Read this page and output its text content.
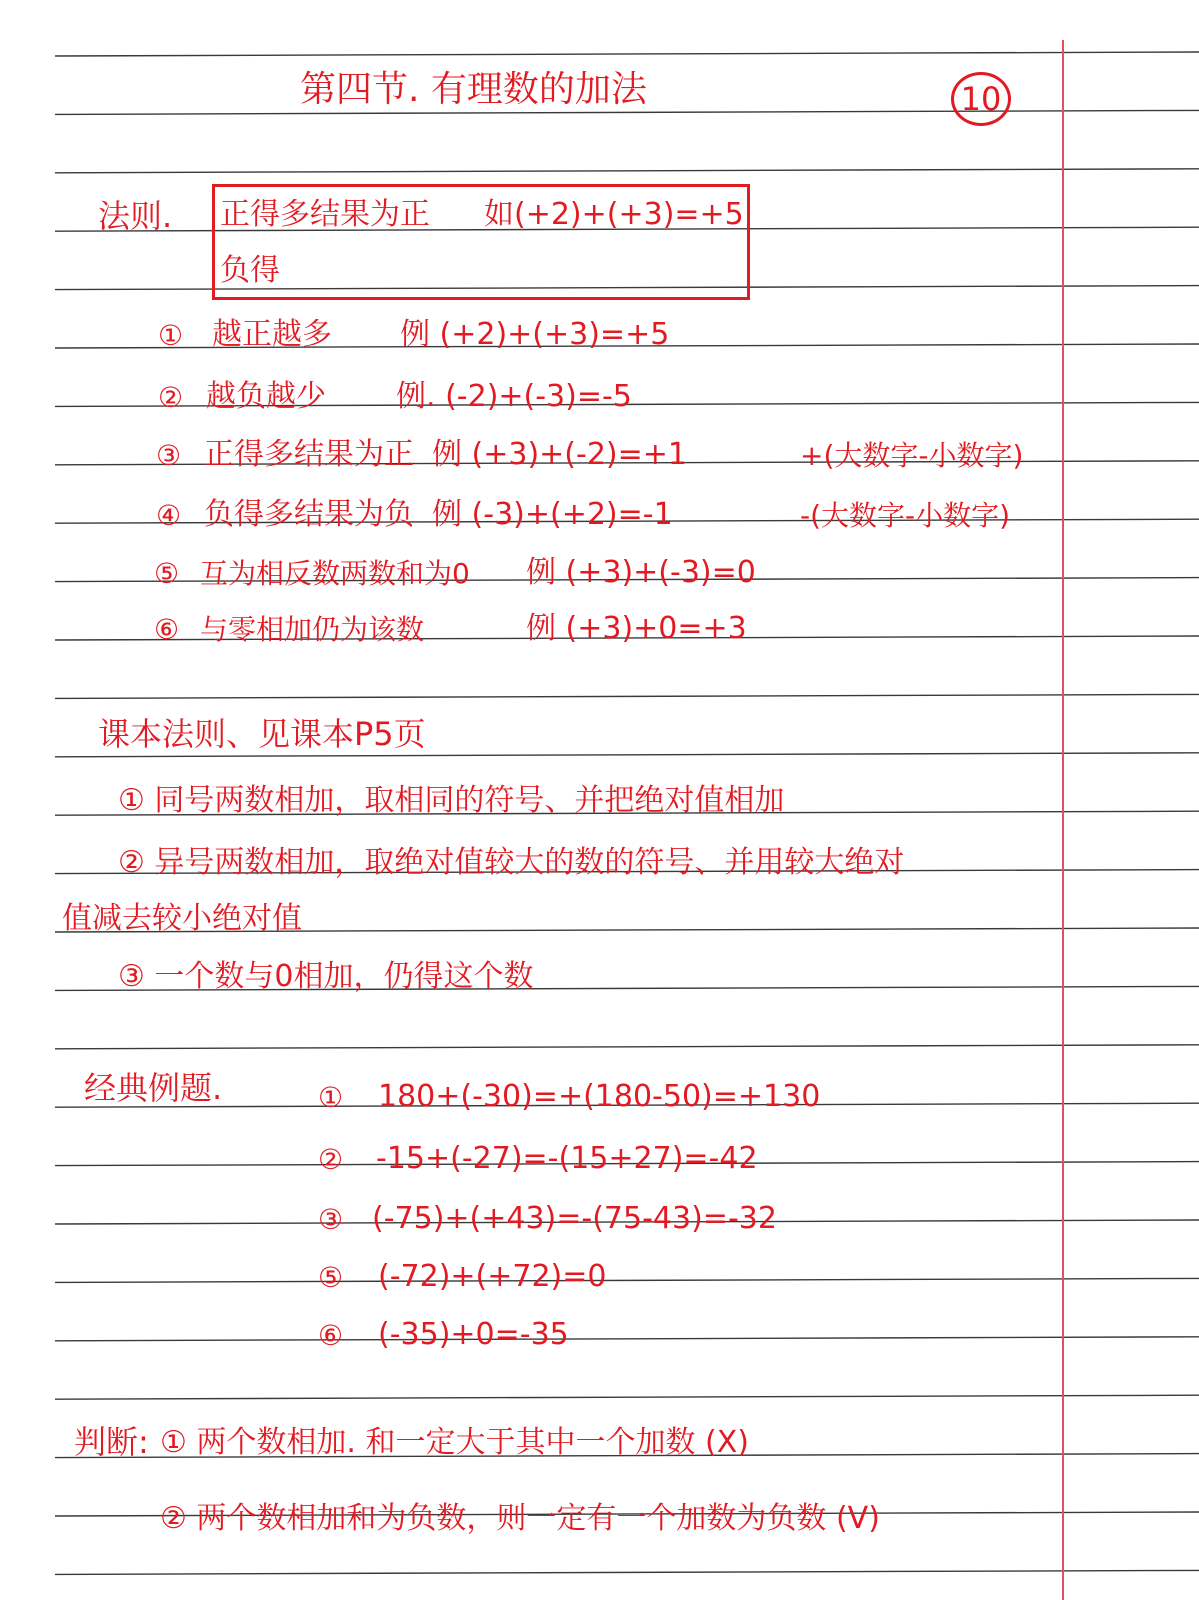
第四节. 有理数的加法	10
法则. 正得多结果为正 如(+2)+(+3)=+5
负得
① 越正越多 例 (+2)+(+3)=+5
② 越负越少 例. (-2)+(-3)=-5
③ 正得多结果为正 例 (+3)+(-2)=+1	+(大数字-小数字)
④ 负得多结果为负 例 (-3)+(+2)=-1	-(大数字-小数字)
⑤ 互为相反数两数和为0 例 (+3)+(-3)=0
⑥ 与零相加仍为该数	例 (+3)+0=+3
课本法则、见课本P5页
① 同号两数相加，取相同的符号、并把绝对值相加
② 异号两数相加，取绝对值较大的数的符号、并用较大绝对
值减去较小绝对值
③ 一个数与0相加，仍得这个数
经典例题.	① 180+(-30)=+(180-50)=+130
② -15+(-27)=-(15+27)=-42
③ (-75)+(+43)=-(75-43)=-32
⑤ (-72)+(+72)=0
⑥ (-35)+0=-35
判断: ① 两个数相加. 和一定大于其中一个加数 (X)
② 两个数相加和为负数，则一定有一个加数为负数 (V)
